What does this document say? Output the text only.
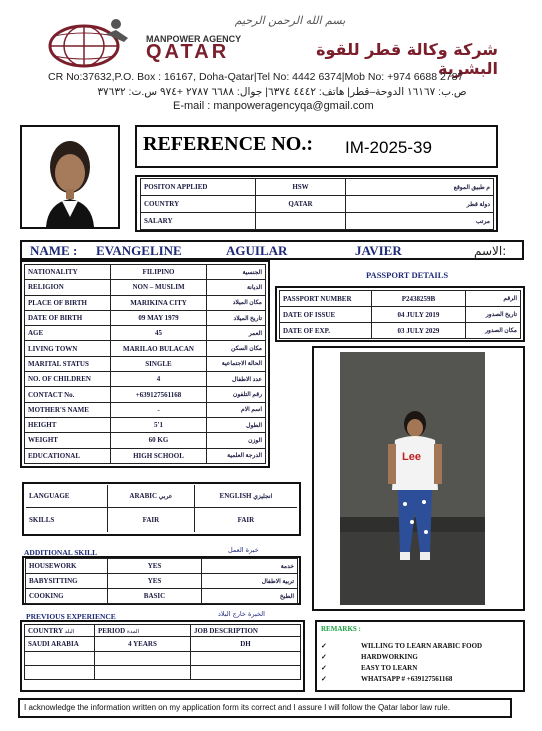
بسم الله الرحمن الرحيم
MANPOWER AGENCY
QATAR	شركة وكالة قطر للقوة البشرية
CR No:37632,P.O. Box : 16167, Doha-Qatar|Tel No: 4442 6374|Mob No: +974 6688 2787
ص.ب: ١٦١٦٧ الدوحة–قطر| هاتف: ٤٤٤٢ ٦٣٧٤| جوال: ٦٦٨٨ ٢٧٨٧ +٩٧٤ س.ت: ٣٧٦٣٢
E-mail : manpoweragencyqa@gmail.com
REFERENCE NO.: IM-2025-39
POSITON APPLIED	HSW	م طبيق الموقع
COUNTRY	QATAR	دولة قطر
SALARY		مرتب
NAME : EVANGELINE	AGUILAR	JAVIER	الاسم:
NATIONALITY	FILIPINO	الجنسية
RELIGION	NON – MUSLIM	الديانة
PLACE OF BIRTH	MARIKINA CITY	مكان الميلاد
DATE OF BIRTH	09 MAY 1979	تاريخ الميلاد
AGE	45	العمر
LIVING TOWN	MARILAO BULACAN	مكان السكن
MARITAL STATUS	SINGLE	الحالة الاجتماعية
NO. OF CHILDREN	4	عدد الاطفال
CONTACT No.	+639127561168	رقم التلفون
MOTHER'S NAME	-	اسم الام
HEIGHT	5'1	الطول
WEIGHT	60 KG	الوزن
EDUCATIONAL	HIGH SCHOOL	الدرجة العلمية
PASSPORT DETAILS
PASSPORT NUMBER	P2438259B	الرقم
DATE OF ISSUE	04 JULY 2019	تاريخ الصدور
DATE OF EXP.	03 JULY 2029	مكان الصدور
Lee
LANGUAGE	ARABIC عربي	ENGLISH انجليزي
SKILLS	FAIR	FAIR
ADDITIONAL SKILL	خبرة العمل
HOUSEWORK	YES	خدمة
BABYSITTING	YES	تربية الاطفال
COOKING	BASIC	الطبخ
PREVIOUS EXPERIENCE	الخبرة خارج البلاد
COUNTRY البلد	PERIOD المدة	JOB DESCRIPTION
SAUDI ARABIA	4 YEARS	DH

REMARKS :
✓	WILLING TO LEARN ARABIC FOOD
✓	HARDWORKING
✓	EASY TO LEARN
✓	WHATSAPP # +639127561168
I acknowledge the information written on my application form its correct and I assure I will follow the Qatar labor law rule.
